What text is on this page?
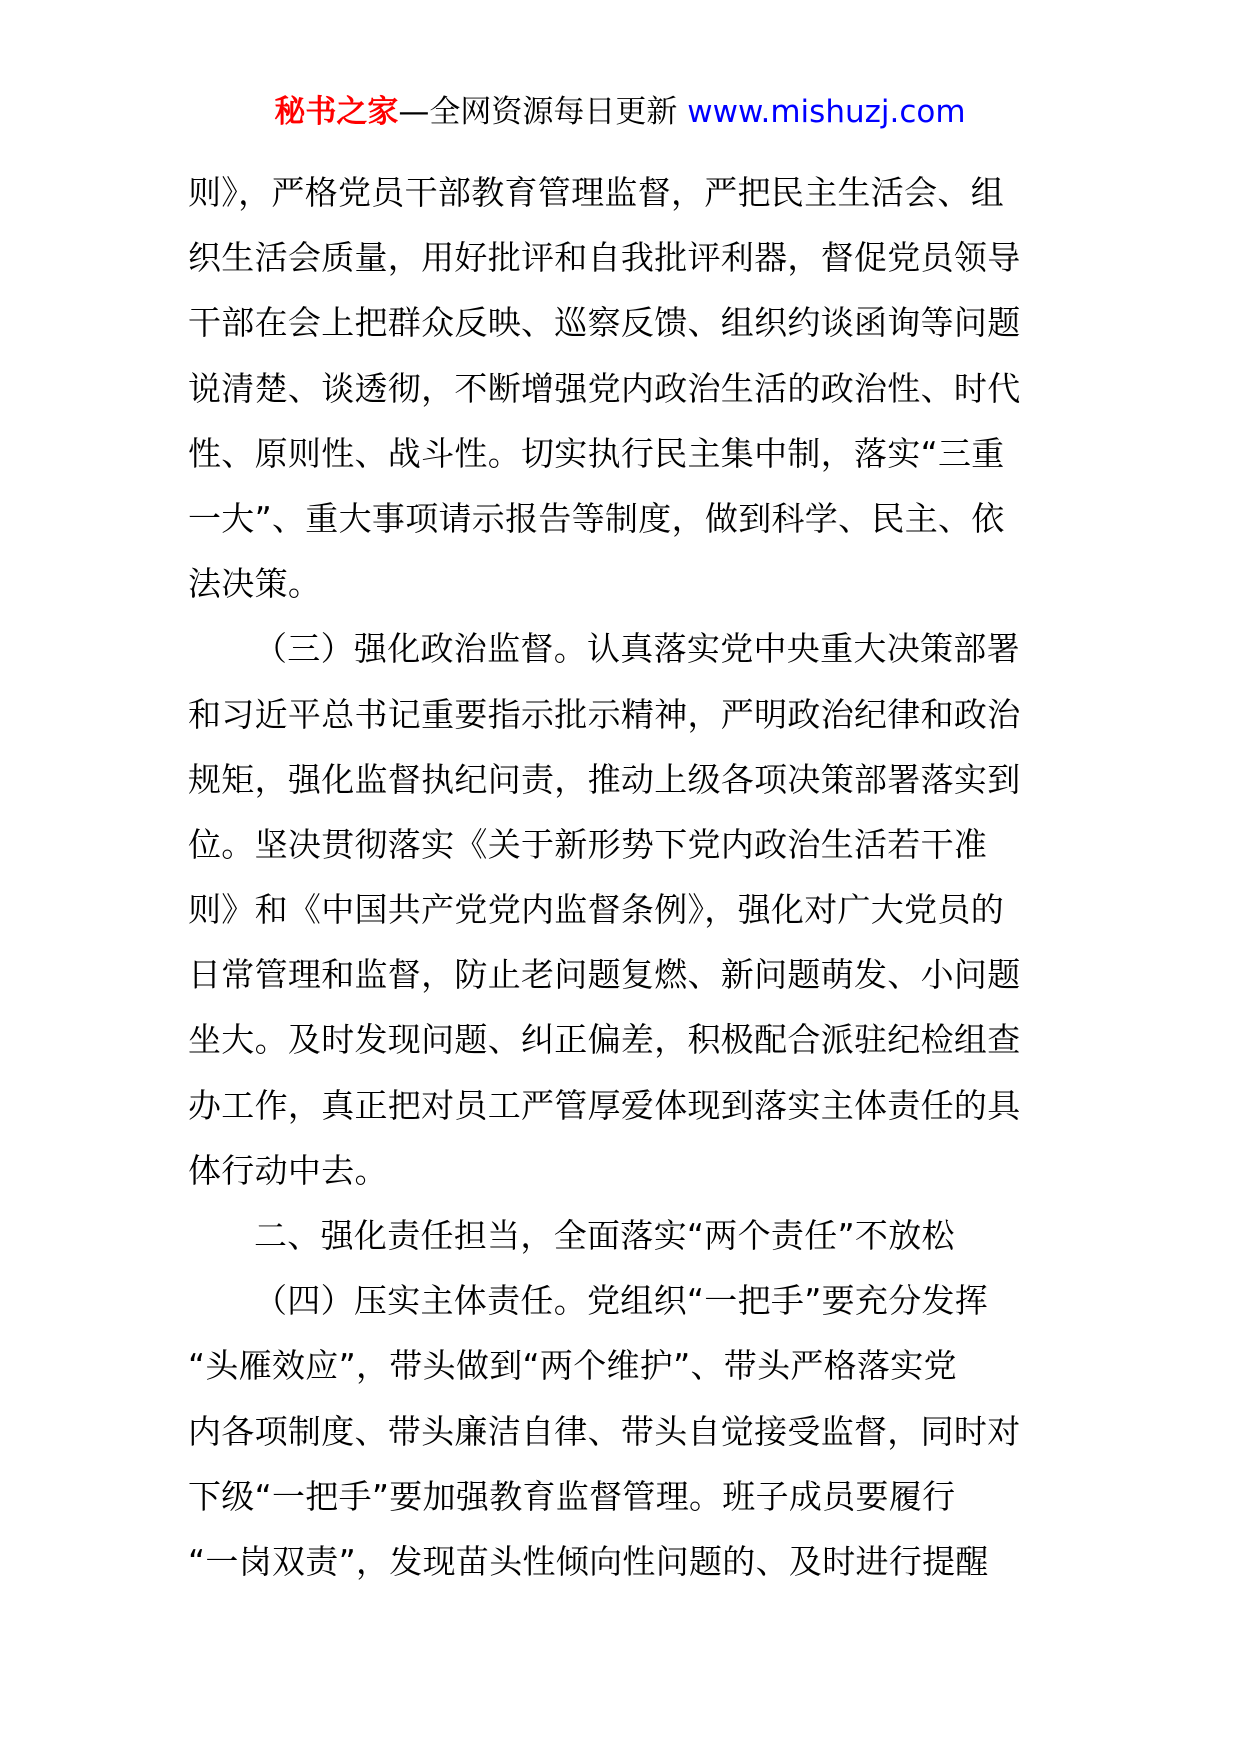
秘书之家—全网资源每日更新 www.mishuzj.com
则》，严格党员干部教育管理监督，严把民主生活会、组
织生活会质量，用好批评和自我批评利器，督促党员领导
干部在会上把群众反映、巡察反馈、组织约谈函询等问题
说清楚、谈透彻，不断增强党内政治生活的政治性、时代
性、原则性、战斗性。切实执行民主集中制，落实“三重
一大”、重大事项请示报告等制度，做到科学、民主、依
法决策。
（三）强化政治监督。认真落实党中央重大决策部署
和习近平总书记重要指示批示精神，严明政治纪律和政治
规矩，强化监督执纪问责，推动上级各项决策部署落实到
位。坚决贯彻落实《关于新形势下党内政治生活若干准
则》和《中国共产党党内监督条例》，强化对广大党员的
日常管理和监督，防止老问题复燃、新问题萌发、小问题
坐大。及时发现问题、纠正偏差，积极配合派驻纪检组查
办工作，真正把对员工严管厚爱体现到落实主体责任的具
体行动中去。
二、强化责任担当，全面落实“两个责任”不放松
（四）压实主体责任。党组织“一把手”要充分发挥
“头雁效应”，带头做到“两个维护”、带头严格落实党
内各项制度、带头廉洁自律、带头自觉接受监督，同时对
下级“一把手”要加强教育监督管理。班子成员要履行
“一岗双责”，发现苗头性倾向性问题的、及时进行提醒
